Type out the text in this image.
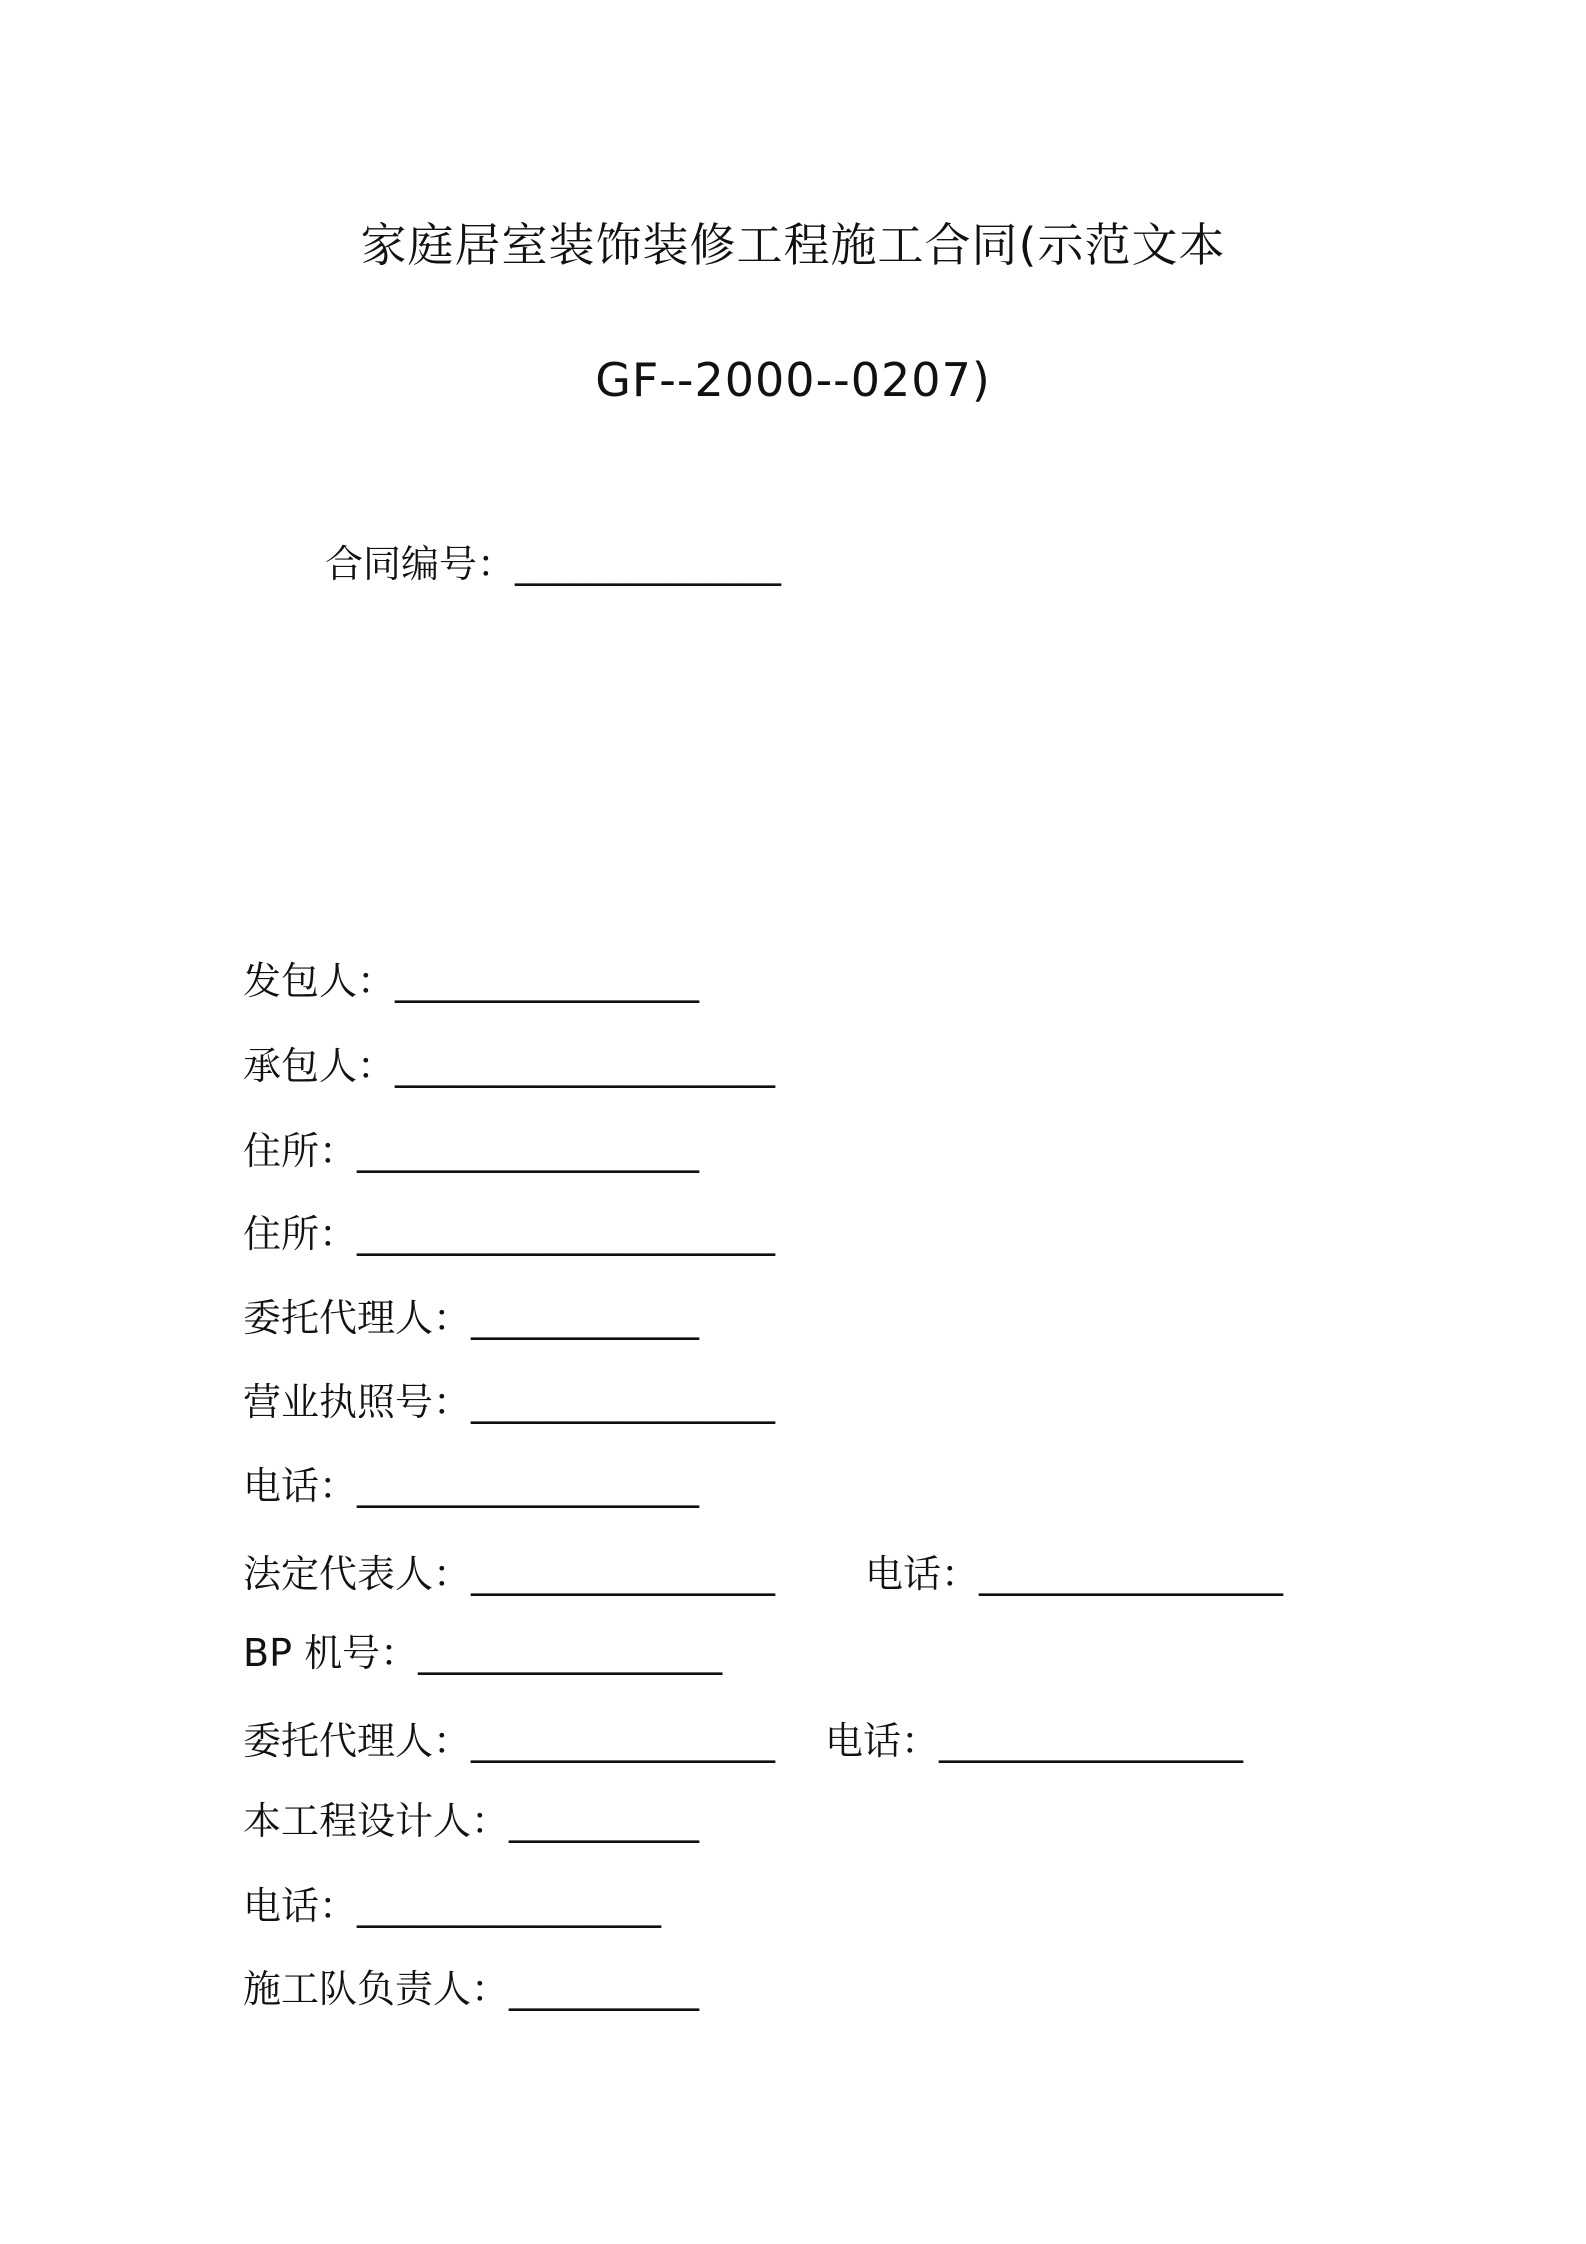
家庭居室装饰装修工程施工合同(示范文本
GF--2000--0207)
合同编号：______________
发包人：________________
承包人：____________________
住所：__________________
住所：______________________
委托代理人：____________
营业执照号：________________
电话：__________________
法定代表人：________________ 电话：________________
BP 机号：________________
委托代理人：________________ 电话：________________
本工程设计人：__________
电话：________________
施工队负责人：__________
